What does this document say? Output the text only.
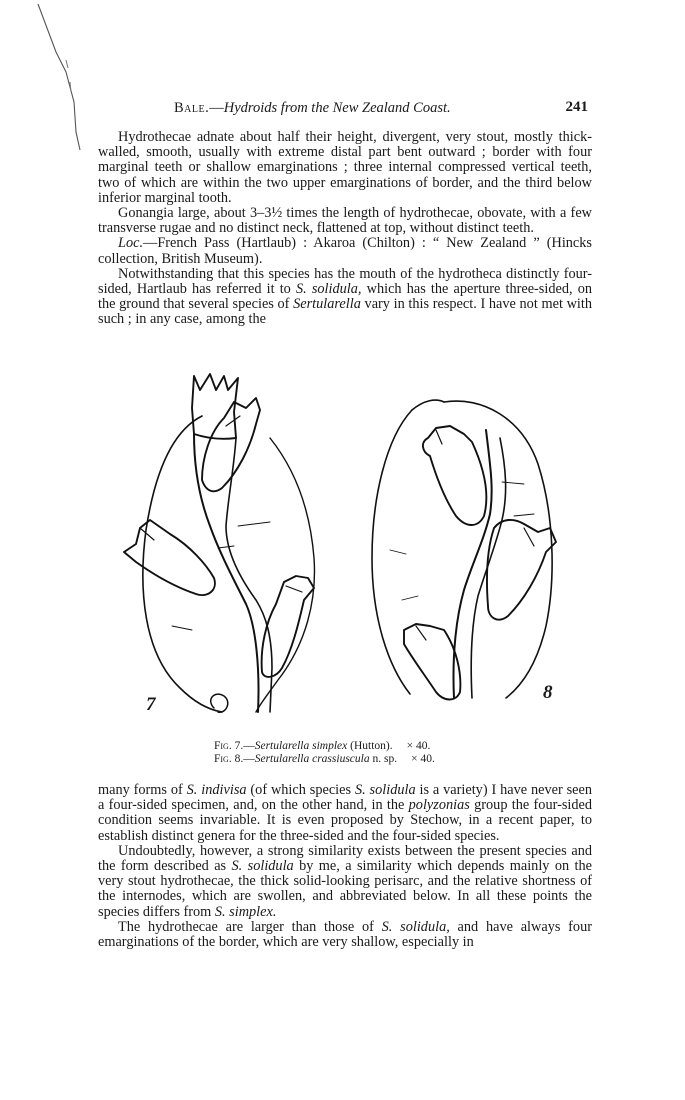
Bale.—Hydroids from the New Zealand Coast.	241

Hydrothecae adnate about half their height, divergent, very stout, mostly thick-walled, smooth, usually with extreme distal part bent outward ; border with four marginal teeth or shallow emarginations ; three internal compressed vertical teeth, two of which are within the two upper emarginations of border, and the third below inferior marginal tooth.

Gonangia large, about 3–3½ times the length of hydrothecae, obovate, with a few transverse rugae and no distinct neck, flattened at top, without distinct teeth.

Loc.—French Pass (Hartlaub) : Akaroa (Chilton) : “ New Zealand ” (Hincks collection, British Museum).

Notwithstanding that this species has the mouth of the hydrotheca distinctly four-sided, Hartlaub has referred it to S. solidula, which has the aperture three-sided, on the ground that several species of Sertularella vary in this respect. I have not met with such ; in any case, among the

7
8
Fig. 7.—Sertularella simplex (Hutton). × 40.
Fig. 8.—Sertularella crassiuscula n. sp. × 40.

many forms of S. indivisa (of which species S. solidula is a variety) I have never seen a four-sided specimen, and, on the other hand, in the polyzonias group the four-sided condition seems invariable. It is even proposed by Stechow, in a recent paper, to establish distinct genera for the three-sided and the four-sided species.

Undoubtedly, however, a strong similarity exists between the present species and the form described as S. solidula by me, a similarity which depends mainly on the very stout hydrothecae, the thick solid-looking perisarc, and the relative shortness of the internodes, which are swollen, and abbreviated below. In all these points the species differs from S. simplex.

The hydrothecae are larger than those of S. solidula, and have always four emarginations of the border, which are very shallow, especially in
